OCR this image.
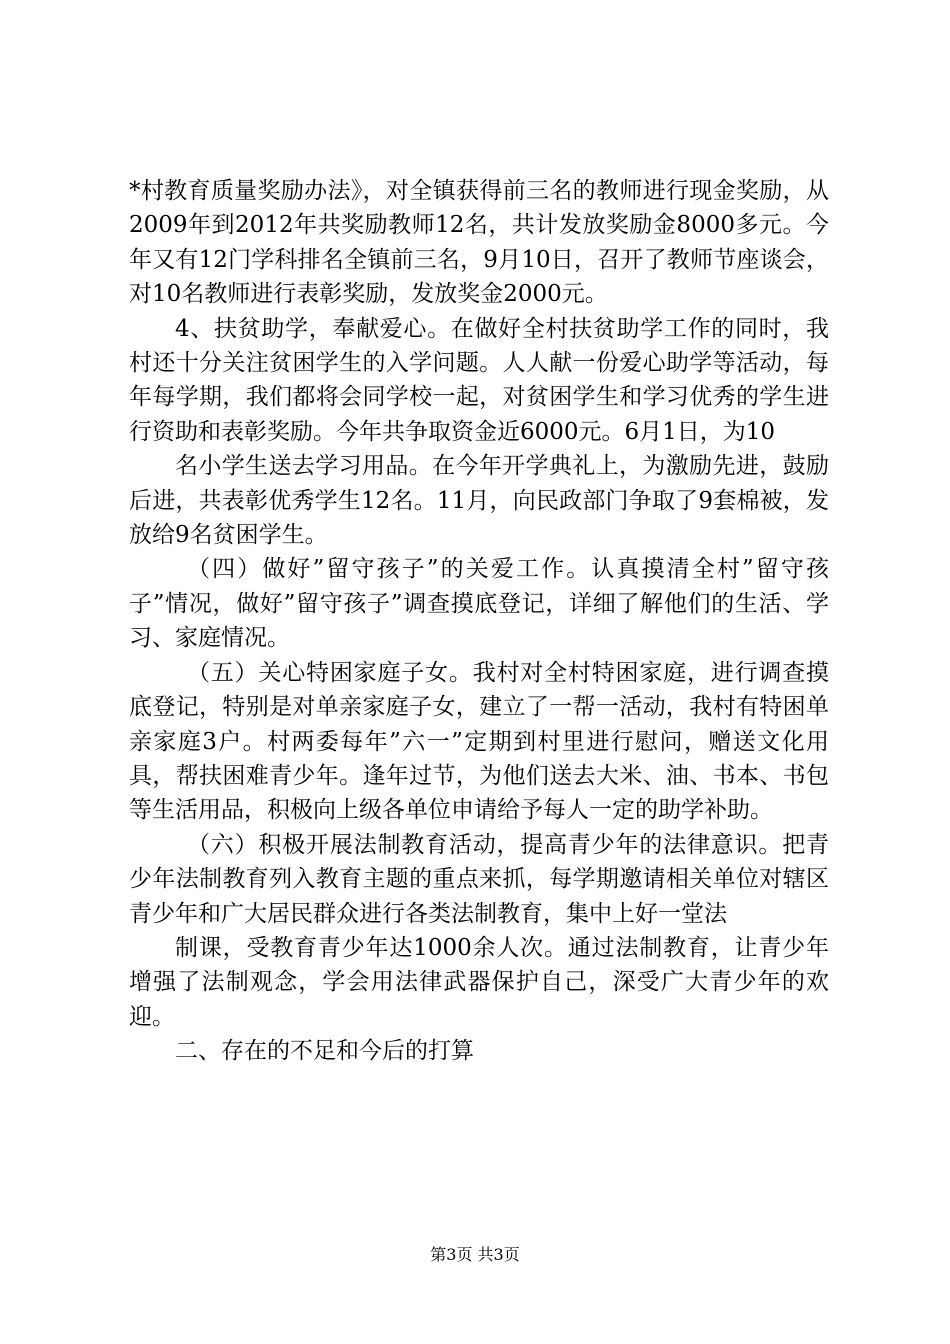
*村教育质量奖励办法》，对全镇获得前三名的教师进行现金奖励，从2009年到2012年共奖励教师12名，共计发放奖励金8000多元。今年又有12门学科排名全镇前三名，9月10日，召开了教师节座谈会，对10名教师进行表彰奖励，发放奖金2000元。

4、扶贫助学，奉献爱心。在做好全村扶贫助学工作的同时，我村还十分关注贫困学生的入学问题。人人献一份爱心助学等活动，每年每学期，我们都将会同学校一起，对贫困学生和学习优秀的学生进行资助和表彰奖励。今年共争取资金近6000元。6月1日，为10

名小学生送去学习用品。在今年开学典礼上，为激励先进，鼓励后进，共表彰优秀学生12名。11月，向民政部门争取了9套棉被，发放给9名贫困学生。

（四）做好”留守孩子”的关爱工作。认真摸清全村”留守孩子”情况，做好”留守孩子”调查摸底登记，详细了解他们的生活、学习、家庭情况。

（五）关心特困家庭子女。我村对全村特困家庭，进行调查摸底登记，特别是对单亲家庭子女，建立了一帮一活动，我村有特困单亲家庭3户。村两委每年”六一”定期到村里进行慰问，赠送文化用具，帮扶困难青少年。逢年过节，为他们送去大米、油、书本、书包等生活用品，积极向上级各单位申请给予每人一定的助学补助。

（六）积极开展法制教育活动，提高青少年的法律意识。把青少年法制教育列入教育主题的重点来抓，每学期邀请相关单位对辖区青少年和广大居民群众进行各类法制教育，集中上好一堂法

制课，受教育青少年达1000余人次。通过法制教育，让青少年增强了法制观念，学会用法律武器保护自己，深受广大青少年的欢迎。

二、存在的不足和今后的打算

第3页 共3页
